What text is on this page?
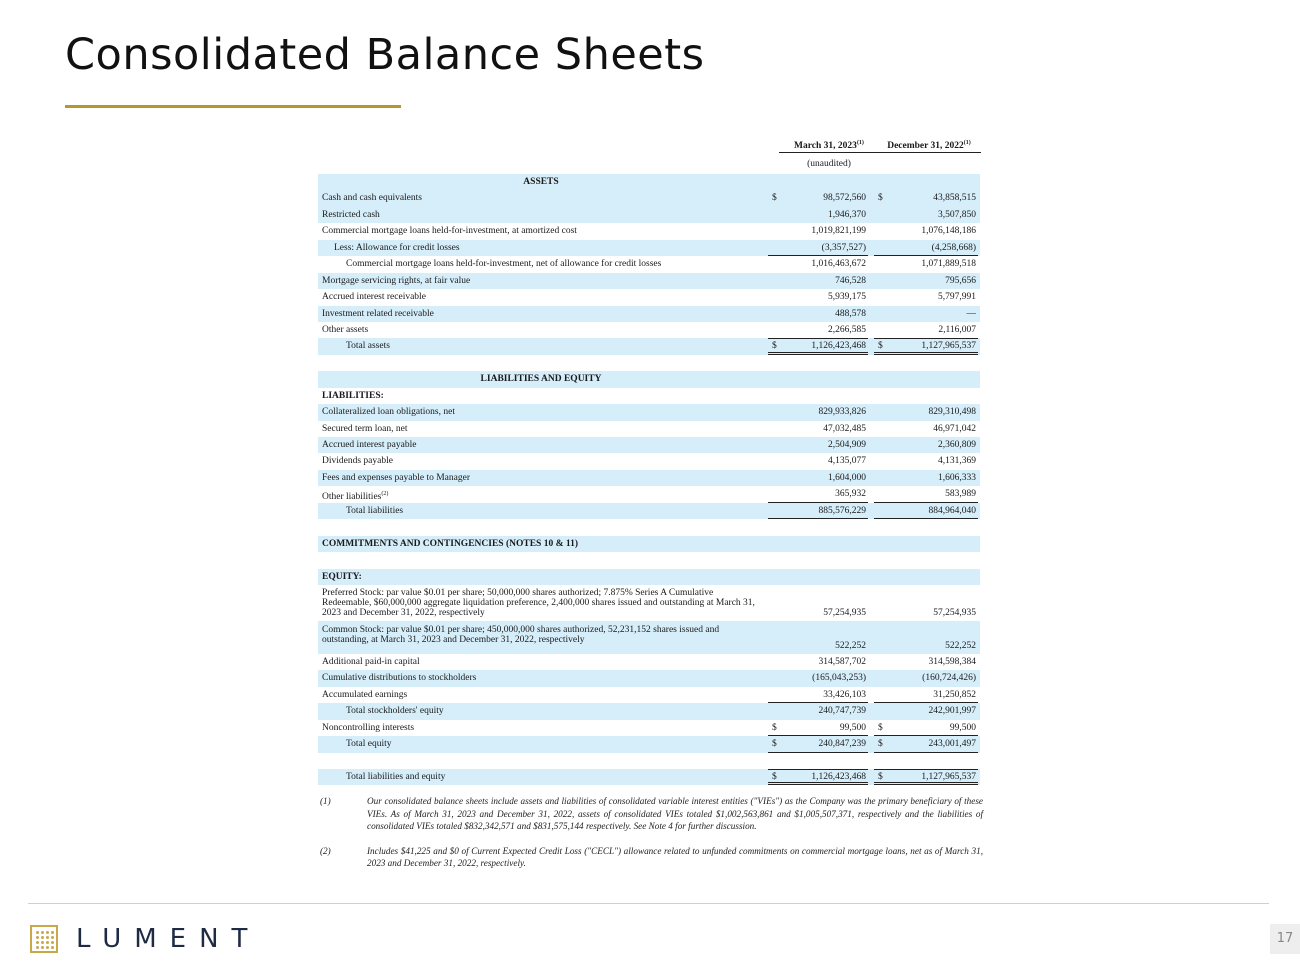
Consolidated Balance Sheets
March 31, 2023$^{(1)}$	December 31, 2022$^{(1)}$
(unaudited)
ASSETS
Cash and cash equivalents	$	98,572,560 $	43,858,515
Restricted cash	1,946,370	3,507,850
Commercial mortgage loans held-for-investment, at amortized cost	1,019,821,199	1,076,148,186
Less: Allowance for credit losses	(3,357,527)	(4,258,668)
Commercial mortgage loans held-for-investment, net of allowance for credit losses	1,016,463,672	1,071,889,518
Mortgage servicing rights, at fair value	746,528	795,656
Accrued interest receivable	5,939,175	5,797,991
Investment related receivable	488,578	—
Other assets	2,266,585	2,116,007
Total assets	$	1,126,423,468 $	1,127,965,537
LIABILITIES AND EQUITY
LIABILITIES:
Collateralized loan obligations, net	829,933,826	829,310,498
Secured term loan, net	47,032,485	46,971,042
Accrued interest payable	2,504,909	2,360,809
Dividends payable	4,135,077	4,131,369
Fees and expenses payable to Manager	1,604,000	1,606,333
Other liabilities$^{(2)}$	365,932	583,989
Total liabilities	885,576,229	884,964,040
COMMITMENTS AND CONTINGENCIES (NOTES 10 & 11)
EQUITY:
Preferred Stock: par value $0.01 per share; 50,000,000 shares authorized; 7.875% Series A Cumulative Redeemable, $60,000,000 aggregate liquidation preference, 2,400,000 shares issued and outstanding at March 31, 2023 and December 31, 2022, respectively	57,254,935	57,254,935
Common Stock: par value $0.01 per share; 450,000,000 shares authorized, 52,231,152 shares issued and outstanding, at March 31, 2023 and December 31, 2022, respectively
522,252	522,252
Additional paid-in capital	314,587,702	314,598,384
Cumulative distributions to stockholders	(165,043,253)	(160,724,426)
Accumulated earnings	33,426,103	31,250,852
Total stockholders' equity	240,747,739	242,901,997
Noncontrolling interests	$	99,500 $	99,500
Total equity	$	240,847,239 $	243,001,497
Total liabilities and equity	$	1,126,423,468 $	1,127,965,537
(1)	Our consolidated balance sheets include assets and liabilities of consolidated variable interest entities ("VIEs") as the Company was the primary beneficiary of these VIEs. As of March 31, 2023 and December 31, 2022, assets of consolidated VIEs totaled $1,002,563,861 and $1,005,507,371, respectively and the liabilities of consolidated VIEs totaled $832,342,571 and $831,575,144 respectively. See Note 4 for further discussion.
(2)	Includes $41,225 and $0 of Current Expected Credit Loss ("CECL") allowance related to unfunded commitments on commercial mortgage loans, net as of March 31, 2023 and December 31, 2022, respectively.
LUMENT	17
